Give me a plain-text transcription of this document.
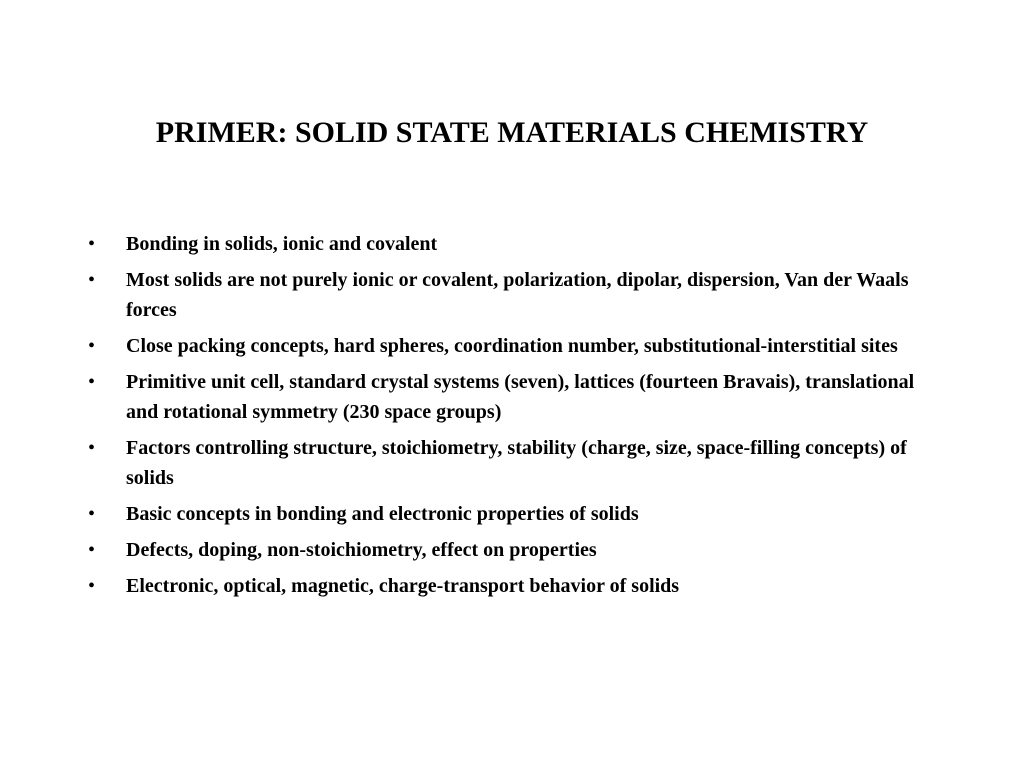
PRIMER: SOLID STATE MATERIALS CHEMISTRY
•	Bonding in solids, ionic and covalent
•	Most solids are not purely ionic or covalent, polarization, dipolar, dispersion, Van der Waals forces
•	Close packing concepts, hard spheres, coordination number, substitutional-interstitial sites
•	Primitive unit cell, standard crystal systems (seven), lattices (fourteen Bravais), translational and rotational symmetry (230 space groups)
•	Factors controlling structure, stoichiometry, stability (charge, size, space-filling concepts) of solids
•	Basic concepts in bonding and electronic properties of solids
•	Defects, doping, non-stoichiometry, effect on properties
•	Electronic, optical, magnetic, charge-transport behavior of solids
